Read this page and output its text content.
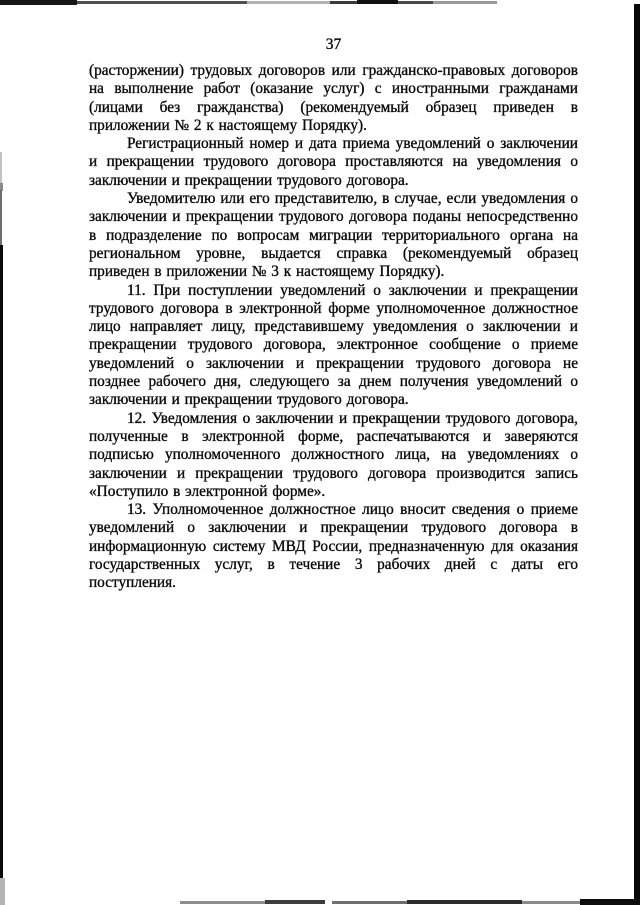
37

(расторжении) трудовых договоров или гражданско-правовых договоров на выполнение работ (оказание услуг) с иностранными гражданами (лицами без гражданства) (рекомендуемый образец приведен в приложении № 2 к настоящему Порядку).

Регистрационный номер и дата приема уведомлений о заключении и прекращении трудового договора проставляются на уведомления о заключении и прекращении трудового договора.

Уведомителю или его представителю, в случае, если уведомления о заключении и прекращении трудового договора поданы непосредственно в подразделение по вопросам миграции территориального органа на региональном уровне, выдается справка (рекомендуемый образец приведен в приложении № 3 к настоящему Порядку).

11. При поступлении уведомлений о заключении и прекращении трудового договора в электронной форме уполномоченное должностное лицо направляет лицу, представившему уведомления о заключении и прекращении трудового договора, электронное сообщение о приеме уведомлений о заключении и прекращении трудового договора не позднее рабочего дня, следующего за днем получения уведомлений о заключении и прекращении трудового договора.

12. Уведомления о заключении и прекращении трудового договора, полученные в электронной форме, распечатываются и заверяются подписью уполномоченного должностного лица, на уведомлениях о заключении и прекращении трудового договора производится запись «Поступило в электронной форме».

13. Уполномоченное должностное лицо вносит сведения о приеме уведомлений о заключении и прекращении трудового договора в информационную систему МВД России, предназначенную для оказания государственных услуг, в течение 3 рабочих дней с даты его поступления.
